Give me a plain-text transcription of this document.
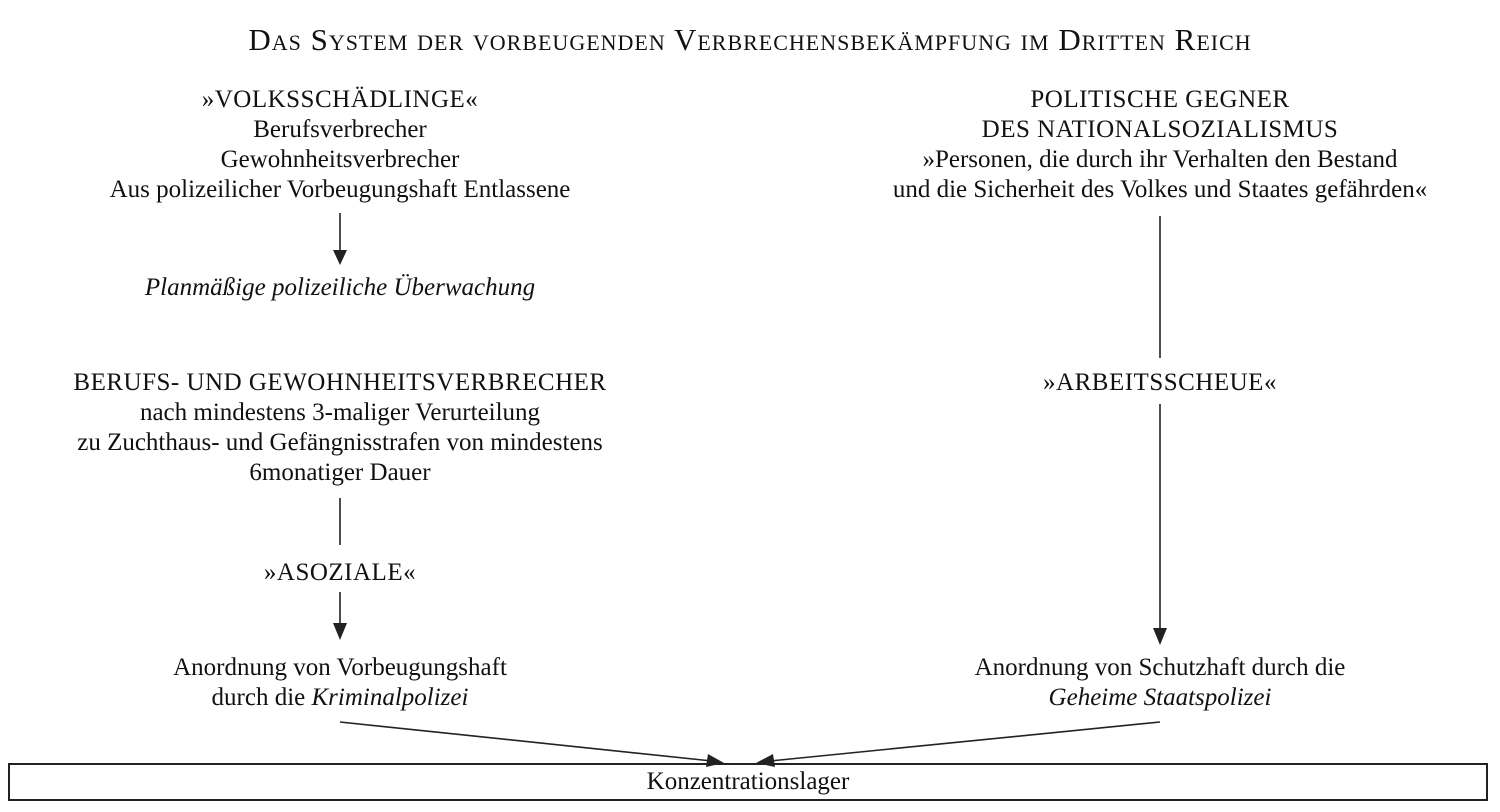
Das System der vorbeugenden Verbrechensbekämpfung im Dritten Reich
»VOLKSSCHÄDLINGE«
Berufsverbrecher
Gewohnheitsverbrecher
Aus polizeilicher Vorbeugungshaft Entlassene
Planmäßige polizeiliche Überwachung
BERUFS- UND GEWOHNHEITSVERBRECHER
nach mindestens 3-maliger Verurteilung
zu Zuchthaus- und Gefängnisstrafen von mindestens
6monatiger Dauer
»ASOZIALE«
Anordnung von Vorbeugungshaft
durch die Kriminalpolizei
POLITISCHE GEGNER
DES NATIONALSOZIALISMUS
»Personen, die durch ihr Verhalten den Bestand
und die Sicherheit des Volkes und Staates gefährden«
»ARBEITSSCHEUE«
Anordnung von Schutzhaft durch die
Geheime Staatspolizei
Konzentrationslager
